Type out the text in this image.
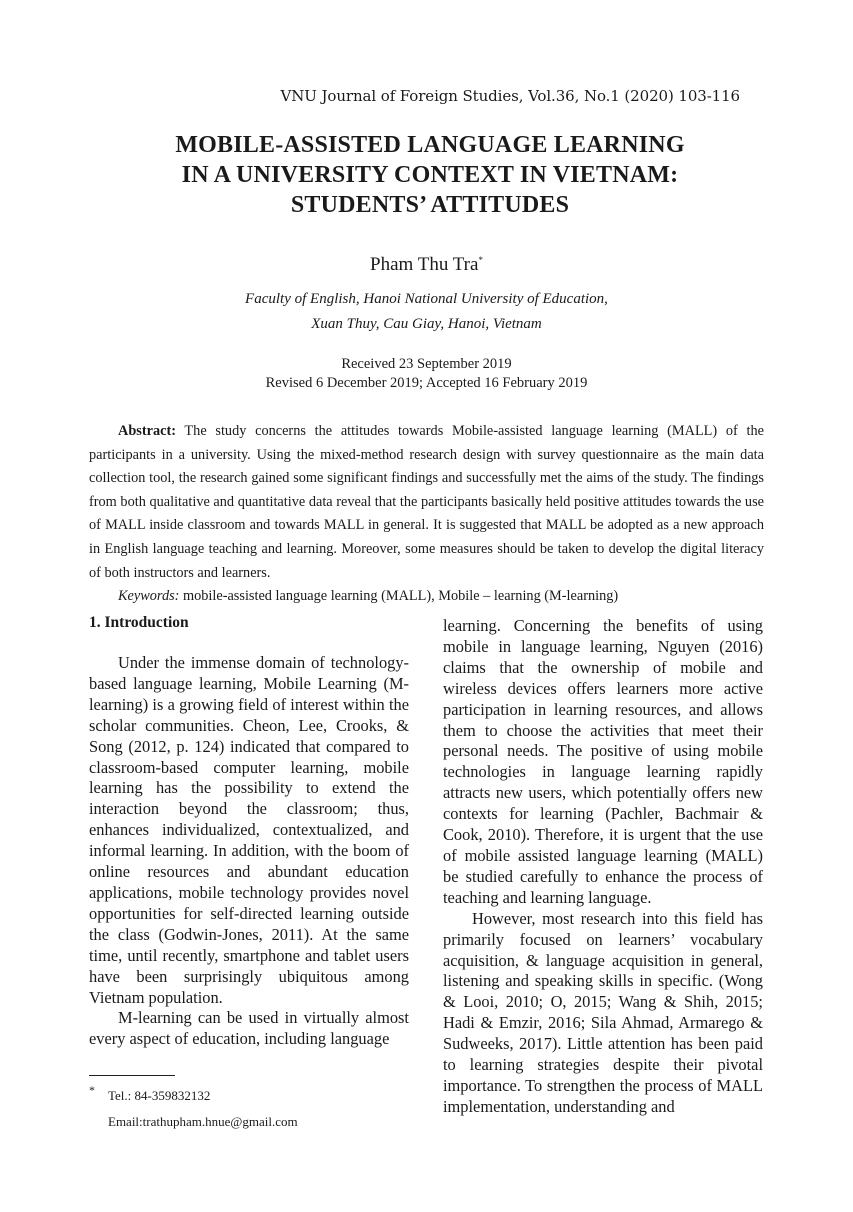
VNU Journal of Foreign Studies, Vol.36, No.1 (2020) 103-116
MOBILE-ASSISTED LANGUAGE LEARNING
IN A UNIVERSITY CONTEXT IN VIETNAM:
STUDENTS’ ATTITUDES
Pham Thu Tra*
Faculty of English, Hanoi National University of Education,
Xuan Thuy, Cau Giay, Hanoi, Vietnam
Received 23 September 2019
Revised 6 December 2019; Accepted 16 February 2019

Abstract: The study concerns the attitudes towards Mobile-assisted language learning (MALL) of the participants in a university. Using the mixed-method research design with survey questionnaire as the main data collection tool, the research gained some significant findings and successfully met the aims of the study. The findings from both qualitative and quantitative data reveal that the participants basically held positive attitudes towards the use of MALL inside classroom and towards MALL in general. It is suggested that MALL be adopted as a new approach in English language teaching and learning. Moreover, some measures should be taken to develop the digital literacy of both instructors and learners.

Keywords: mobile-assisted language learning (MALL), Mobile – learning (M-learning)

1. Introduction

Under the immense domain of technology-based language learning, Mobile Learning (M-learning) is a growing field of interest within the scholar communities. Cheon, Lee, Crooks, & Song (2012, p. 124) indicated that compared to classroom-based computer learning, mobile learning has the possibility to extend the interaction beyond the classroom; thus, enhances individualized, contextualized, and informal learning. In addition, with the boom of online resources and abundant education applications, mobile technology provides novel opportunities for self-directed learning outside the class (Godwin-Jones, 2011). At the same time, until recently, smartphone and tablet users have been surprisingly ubiquitous among Vietnam population.

M-learning can be used in virtually almost every aspect of education, including language

learning. Concerning the benefits of using mobile in language learning, Nguyen (2016) claims that the ownership of mobile and wireless devices offers learners more active participation in learning resources, and allows them to choose the activities that meet their personal needs. The positive of using mobile technologies in language learning rapidly attracts new users, which potentially offers new contexts for learning (Pachler, Bachmair & Cook, 2010). Therefore, it is urgent that the use of mobile assisted language learning (MALL) be studied carefully to enhance the process of teaching and learning language.

However, most research into this field has primarily focused on learners’ vocabulary acquisition, & language acquisition in general, listening and speaking skills in specific. (Wong & Looi, 2010; O, 2015; Wang & Shih, 2015; Hadi & Emzir, 2016; Sila Ahmad, Armarego & Sudweeks, 2017). Little attention has been paid to learning strategies despite their pivotal importance. To strengthen the process of MALL implementation, understanding and

*	Tel.: 84-359832132
Email:trathupham.hnue@gmail.com
